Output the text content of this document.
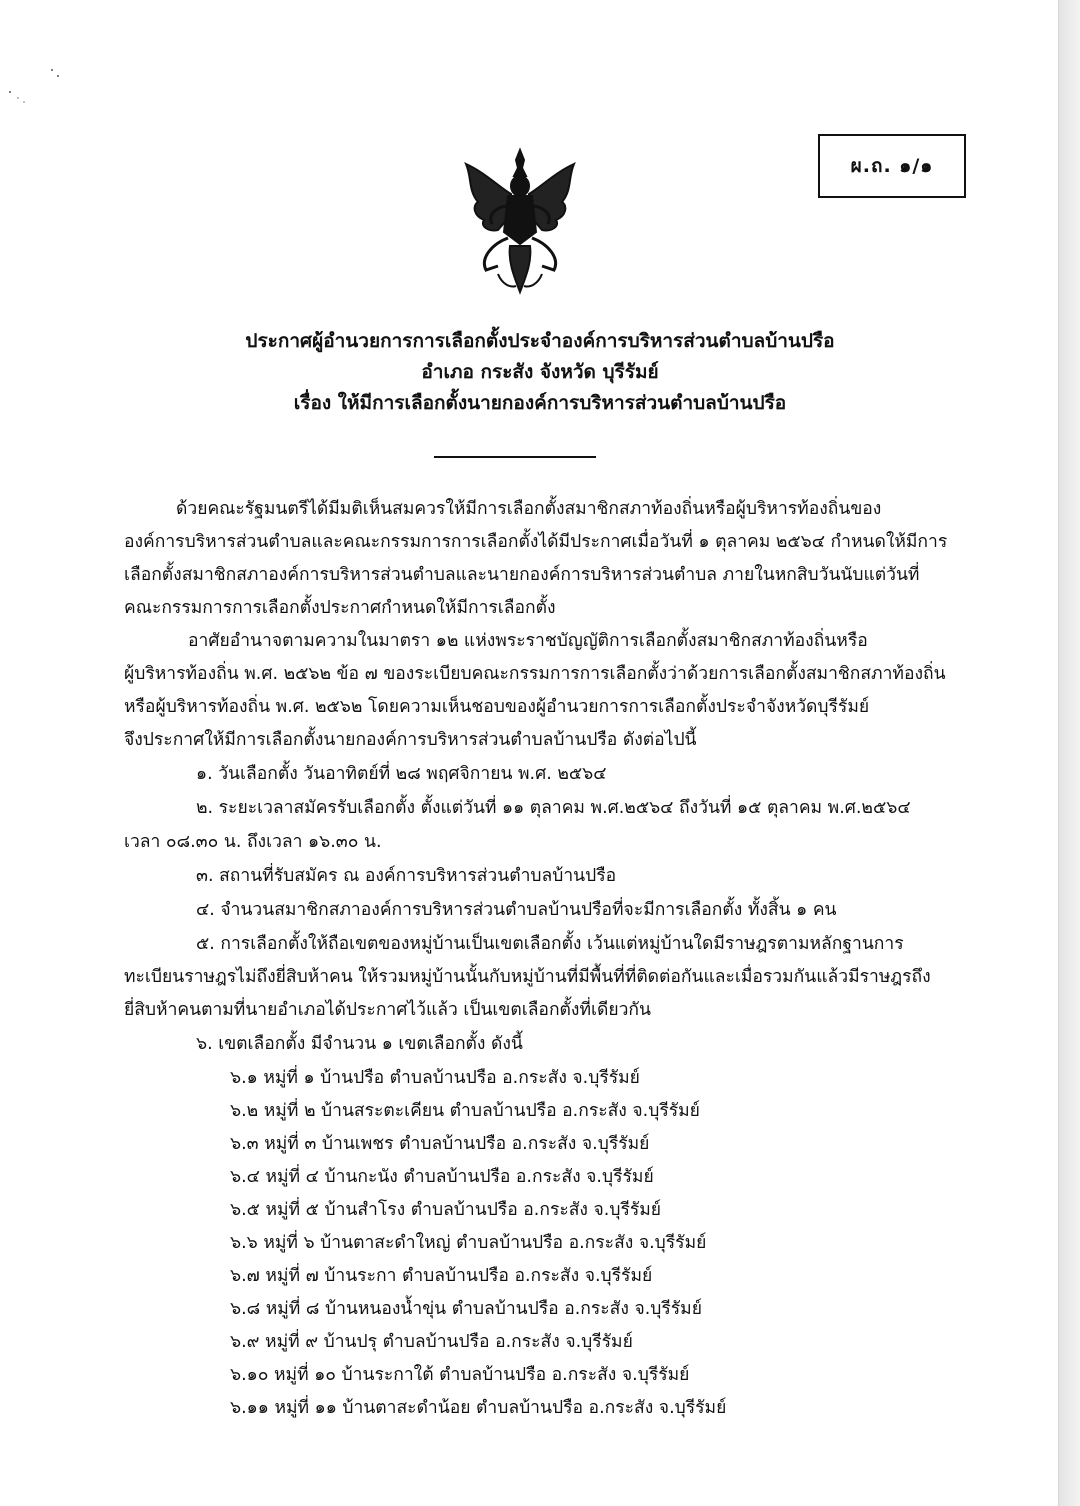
ผ.ถ. ๑/๑
ประกาศผู้อำนวยการการเลือกตั้งประจำองค์การบริหารส่วนตำบลบ้านปรือ
อำเภอ กระสัง จังหวัด บุรีรัมย์
เรื่อง ให้มีการเลือกตั้งนายกองค์การบริหารส่วนตำบลบ้านปรือ
ด้วยคณะรัฐมนตรีได้มีมติเห็นสมควรให้มีการเลือกตั้งสมาชิกสภาท้องถิ่นหรือผู้บริหารท้องถิ่นของ
องค์การบริหารส่วนตำบลและคณะกรรมการการเลือกตั้งได้มีประกาศเมื่อวันที่ ๑ ตุลาคม ๒๕๖๔ กำหนดให้มีการ
เลือกตั้งสมาชิกสภาองค์การบริหารส่วนตำบลและนายกองค์การบริหารส่วนตำบล ภายในหกสิบวันนับแต่วันที่
คณะกรรมการการเลือกตั้งประกาศกำหนดให้มีการเลือกตั้ง
อาศัยอำนาจตามความในมาตรา ๑๒ แห่งพระราชบัญญัติการเลือกตั้งสมาชิกสภาท้องถิ่นหรือ
ผู้บริหารท้องถิ่น พ.ศ. ๒๕๖๒ ข้อ ๗ ของระเบียบคณะกรรมการการเลือกตั้งว่าด้วยการเลือกตั้งสมาชิกสภาท้องถิ่น
หรือผู้บริหารท้องถิ่น พ.ศ. ๒๕๖๒ โดยความเห็นชอบของผู้อำนวยการการเลือกตั้งประจำจังหวัดบุรีรัมย์
จึงประกาศให้มีการเลือกตั้งนายกองค์การบริหารส่วนตำบลบ้านปรือ ดังต่อไปนี้
๑. วันเลือกตั้ง วันอาทิตย์ที่ ๒๘ พฤศจิกายน พ.ศ. ๒๕๖๔
๒. ระยะเวลาสมัครรับเลือกตั้ง ตั้งแต่วันที่ ๑๑ ตุลาคม พ.ศ.๒๕๖๔ ถึงวันที่ ๑๕ ตุลาคม พ.ศ.๒๕๖๔
เวลา ๐๘.๓๐ น. ถึงเวลา ๑๖.๓๐ น.
๓. สถานที่รับสมัคร ณ องค์การบริหารส่วนตำบลบ้านปรือ
๔. จำนวนสมาชิกสภาองค์การบริหารส่วนตำบลบ้านปรือที่จะมีการเลือกตั้ง ทั้งสิ้น ๑ คน
๕. การเลือกตั้งให้ถือเขตของหมู่บ้านเป็นเขตเลือกตั้ง เว้นแต่หมู่บ้านใดมีราษฎรตามหลักฐานการ
ทะเบียนราษฎรไม่ถึงยี่สิบห้าคน ให้รวมหมู่บ้านนั้นกับหมู่บ้านที่มีพื้นที่ที่ติดต่อกันและเมื่อรวมกันแล้วมีราษฎรถึง
ยี่สิบห้าคนตามที่นายอำเภอได้ประกาศไว้แล้ว เป็นเขตเลือกตั้งที่เดียวกัน
๖. เขตเลือกตั้ง มีจำนวน ๑ เขตเลือกตั้ง ดังนี้
๖.๑ หมู่ที่ ๑ บ้านปรือ ตำบลบ้านปรือ อ.กระสัง จ.บุรีรัมย์
๖.๒ หมู่ที่ ๒ บ้านสระตะเคียน ตำบลบ้านปรือ อ.กระสัง จ.บุรีรัมย์
๖.๓ หมู่ที่ ๓ บ้านเพชร ตำบลบ้านปรือ อ.กระสัง จ.บุรีรัมย์
๖.๔ หมู่ที่ ๔ บ้านกะนัง ตำบลบ้านปรือ อ.กระสัง จ.บุรีรัมย์
๖.๕ หมู่ที่ ๕ บ้านสำโรง ตำบลบ้านปรือ อ.กระสัง จ.บุรีรัมย์
๖.๖ หมู่ที่ ๖ บ้านตาสะดำใหญ่ ตำบลบ้านปรือ อ.กระสัง จ.บุรีรัมย์
๖.๗ หมู่ที่ ๗ บ้านระกา ตำบลบ้านปรือ อ.กระสัง จ.บุรีรัมย์
๖.๘ หมู่ที่ ๘ บ้านหนองน้ำขุ่น ตำบลบ้านปรือ อ.กระสัง จ.บุรีรัมย์
๖.๙ หมู่ที่ ๙ บ้านปรุ ตำบลบ้านปรือ อ.กระสัง จ.บุรีรัมย์
๖.๑๐ หมู่ที่ ๑๐ บ้านระกาใต้ ตำบลบ้านปรือ อ.กระสัง จ.บุรีรัมย์
๖.๑๑ หมู่ที่ ๑๑ บ้านตาสะดำน้อย ตำบลบ้านปรือ อ.กระสัง จ.บุรีรัมย์
